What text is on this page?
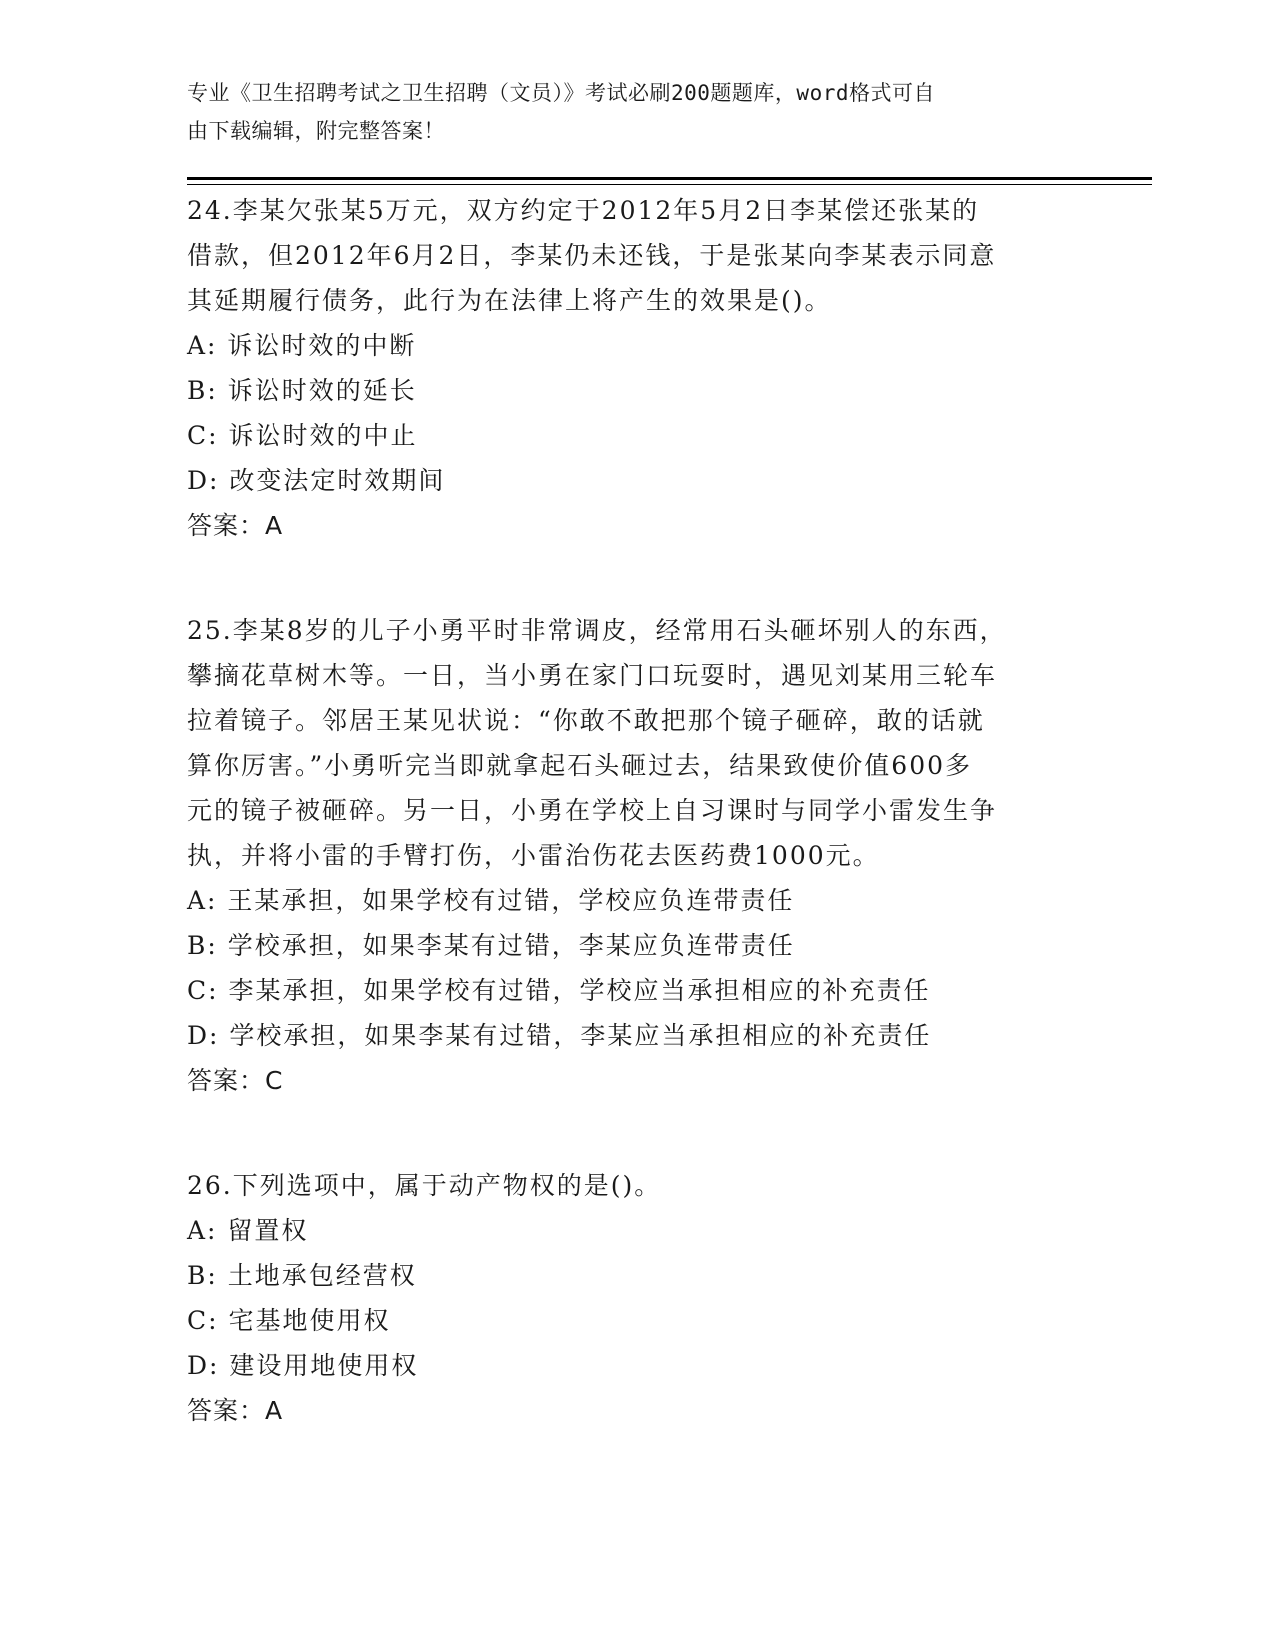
专业《卫生招聘考试之卫生招聘（文员）》考试必刷200题题库，word格式可自
由下载编辑，附完整答案！

24.李某欠张某5万元，双方约定于2012年5月2日李某偿还张某的

借款，但2012年6月2日，李某仍未还钱，于是张某向李某表示同意

其延期履行债务，此行为在法律上将产生的效果是()。

A: 诉讼时效的中断

B: 诉讼时效的延长

C: 诉讼时效的中止

D: 改变法定时效期间

答案：A

25.李某8岁的儿子小勇平时非常调皮，经常用石头砸坏别人的东西，

攀摘花草树木等。一日，当小勇在家门口玩耍时，遇见刘某用三轮车

拉着镜子。邻居王某见状说：“你敢不敢把那个镜子砸碎，敢的话就

算你厉害。”小勇听完当即就拿起石头砸过去，结果致使价值600多

元的镜子被砸碎。另一日，小勇在学校上自习课时与同学小雷发生争

执，并将小雷的手臂打伤，小雷治伤花去医药费1000元。

A: 王某承担，如果学校有过错，学校应负连带责任

B: 学校承担，如果李某有过错，李某应负连带责任

C: 李某承担，如果学校有过错，学校应当承担相应的补充责任

D: 学校承担，如果李某有过错，李某应当承担相应的补充责任

答案：C

26.下列选项中，属于动产物权的是()。

A: 留置权

B: 土地承包经营权

C: 宅基地使用权

D: 建设用地使用权

答案：A
